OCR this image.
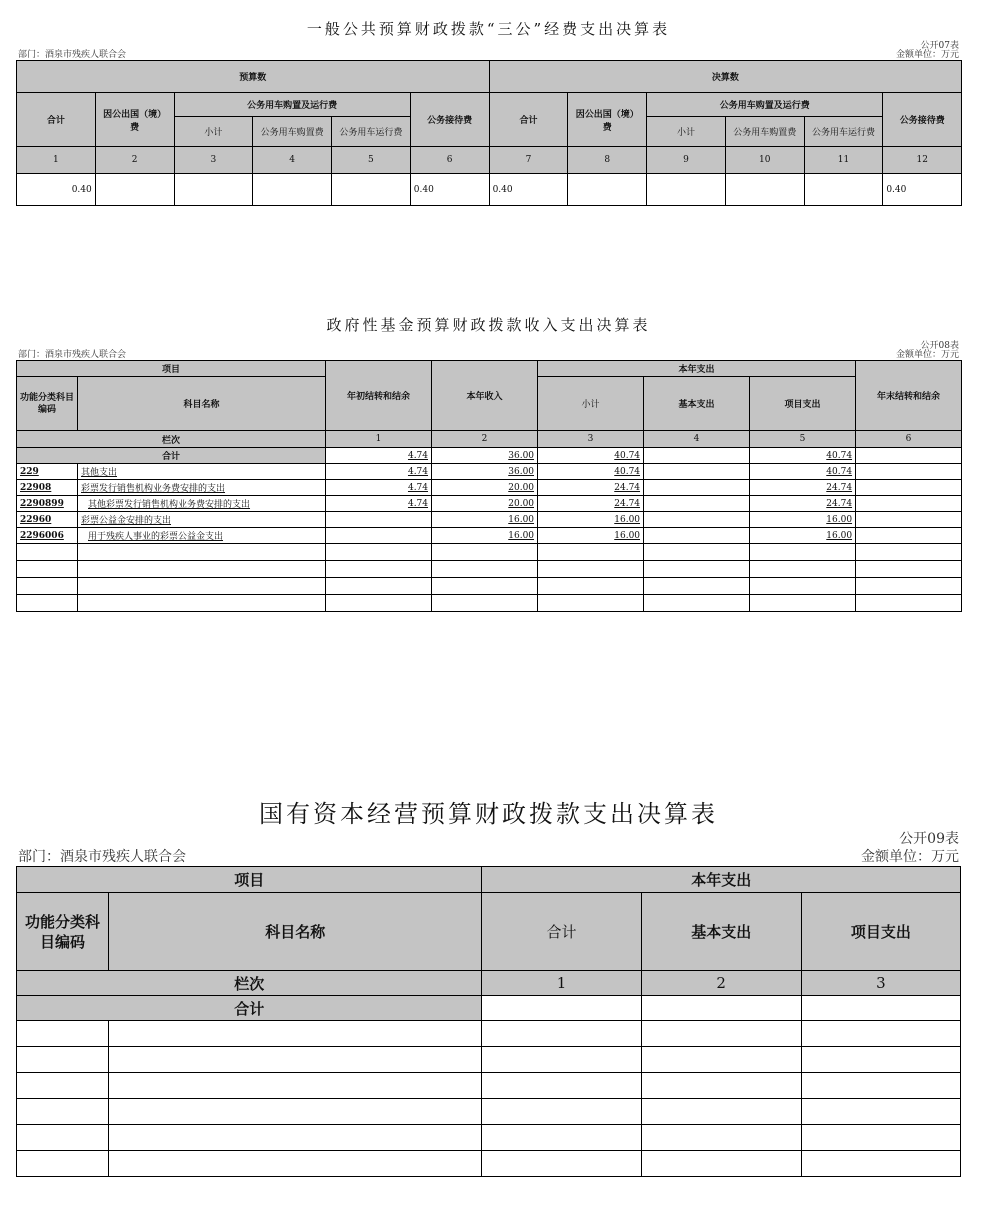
一般公共预算财政拨款“三公”经费支出决算表
部门：酒泉市残疾人联合会
公开07表
金额单位：万元
预算数						决算数					
合计	因公出国（境）费	公务用车购置及运行费			公务接待费	合计	因公出国（境）费	公务用车购置及运行费			公务接待费
		小计	公务用车购置费	公务用车运行费				小计	公务用车购置费	公务用车运行费	
1	2	3	4	5	6	7	8	9	10	11	12
0.40					0.40	0.40					0.40
政府性基金预算财政拨款收入支出决算表
部门：酒泉市残疾人联合会
公开08表
金额单位：万元
项目		年初结转和结余	本年收入	本年支出			年末结转和结余
功能分类科目编码	科目名称			小计	基本支出	项目支出	
栏次		1	2	3	4	5	6
合计		4.74	36.00	40.74		40.74	
229	其他支出	4.74	36.00	40.74		40.74	
22908	彩票发行销售机构业务费安排的支出	4.74	20.00	24.74		24.74	
2290899	其他彩票发行销售机构业务费安排的支出	4.74	20.00	24.74		24.74	
22960	彩票公益金安排的支出		16.00	16.00		16.00	
2296006	用于残疾人事业的彩票公益金支出		16.00	16.00		16.00	

国有资本经营预算财政拨款支出决算表
部门：酒泉市残疾人联合会
公开09表
金额单位：万元
项目		本年支出		
功能分类科目编码	科目名称	合计	基本支出	项目支出
栏次		1	2	3
合计				
